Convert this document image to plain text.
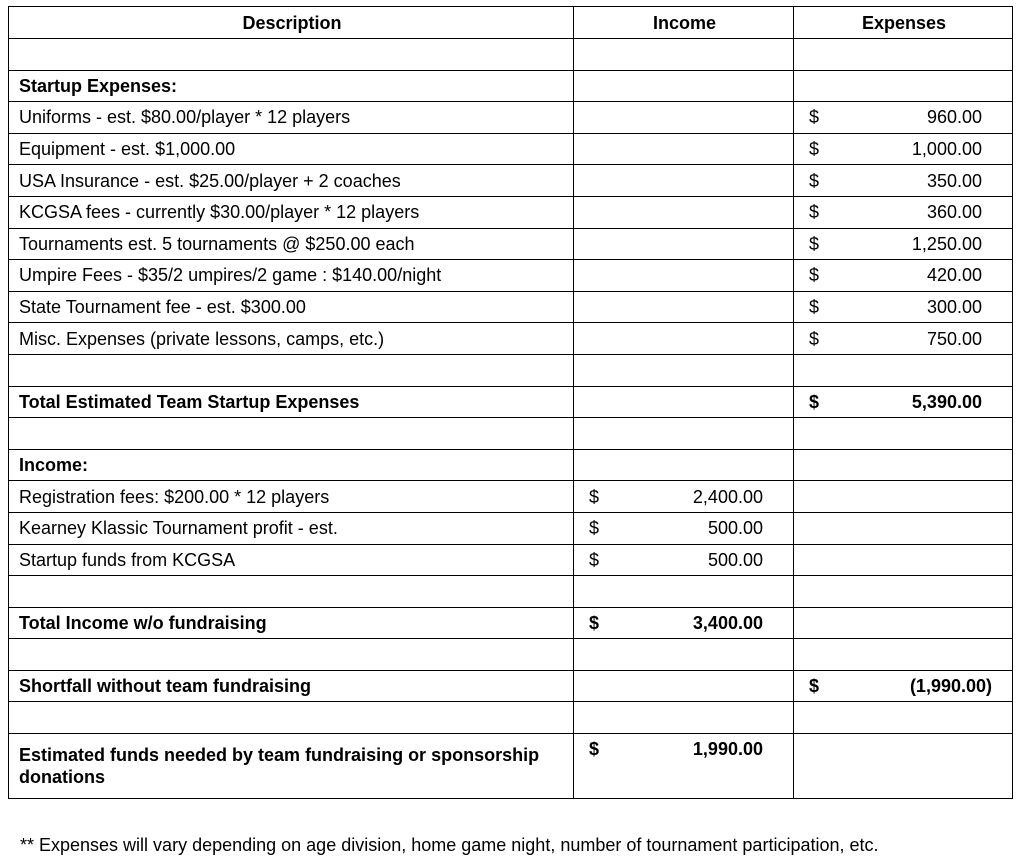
Description	Income	Expenses

Startup Expenses:		
Uniforms - est. $80.00/player * 12 players		$ 960.00

Equipment - est. $1,000.00		$ 1,000.00

USA Insurance - est. $25.00/player + 2 coaches		$ 350.00

KCGSA fees - currently $30.00/player * 12 players		$ 360.00

Tournaments est. 5 tournaments @ $250.00 each		$ 1,250.00

Umpire Fees - $35/2 umpires/2 game : $140.00/night		$ 420.00

State Tournament fee - est. $300.00		$ 300.00

Misc. Expenses (private lessons, camps, etc.)		$ 750.00

Total Estimated Team Startup Expenses		$ 5,390.00

Income:		
Registration fees: $200.00 * 12 players	$ 2,400.00	

Kearney Klassic Tournament profit - est.	$ 500.00	

Startup funds from KCGSA	$ 500.00	

Total Income w/o fundraising	$ 3,400.00	

Shortfall without team fundraising		$ (1,990.00)

Estimated funds needed by team fundraising or sponsorship donations	$ 1,990.00	

** Expenses will vary depending on age division, home game night, number of tournament participation, etc.
